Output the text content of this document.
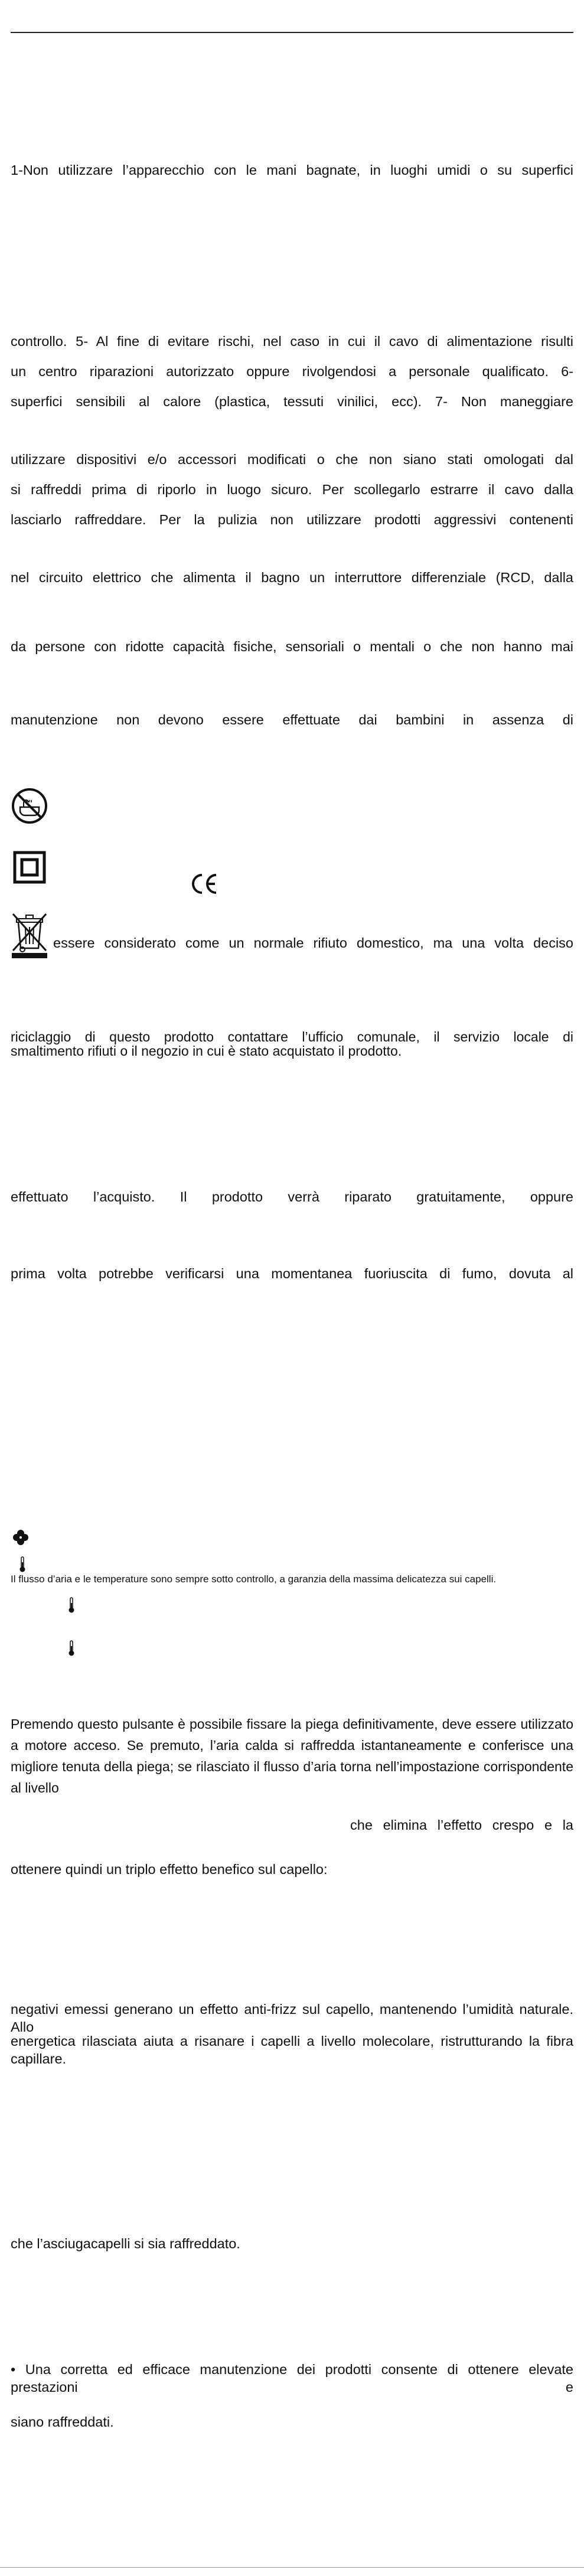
1-Non utilizzare l’apparecchio con le mani bagnate, in luoghi umidi o su superfici
controllo. 5- Al fine di evitare rischi, nel caso in cui il cavo di alimentazione risulti
un centro riparazioni autorizzato oppure rivolgendosi a personale qualificato. 6-
superfici sensibili al calore (plastica, tessuti vinilici, ecc). 7- Non maneggiare
utilizzare dispositivi e/o accessori modificati o che non siano stati omologati dal
si raffreddi prima di riporlo in luogo sicuro. Per scollegarlo estrarre il cavo dalla
lasciarlo raffreddare. Per la pulizia non utilizzare prodotti aggressivi contenenti
nel circuito elettrico che alimenta il bagno un interruttore differenziale (RCD, dalla
da persone con ridotte capacità fisiche, sensoriali o mentali o che non hanno mai
manutenzione non devono essere effettuate dai bambini in assenza di
essere considerato come un normale rifiuto domestico, ma una volta deciso
riciclaggio di questo prodotto contattare l’ufficio comunale, il servizio locale di
smaltimento rifiuti o il negozio in cui è stato acquistato il prodotto.
effettuato l’acquisto. Il prodotto verrà riparato gratuitamente, oppure
prima volta potrebbe verificarsi una momentanea fuoriuscita di fumo, dovuta al
Il flusso d’aria e le temperature sono sempre sotto controllo, a garanzia della massima delicatezza sui capelli.
Premendo questo pulsante è possibile fissare la piega definitivamente, deve essere utilizzato a motore acceso. Se premuto, l’aria calda si raffredda istantaneamente e conferisce una migliore tenuta della piega; se rilasciato il flusso d’aria torna nell’impostazione corrispondente al livello
che elimina l’effetto crespo e la
ottenere quindi un triplo effetto benefico sul capello:
negativi emessi generano un effetto anti-frizz sul capello, mantenendo l’umidità naturale. Allo
energetica rilasciata aiuta a risanare i capelli a livello molecolare, ristrutturando la fibra capillare.
che l’asciugacapelli si sia raffreddato.
• Una corretta ed efficace manutenzione dei prodotti consente di ottenere elevate prestazioni e
siano raffreddati.
